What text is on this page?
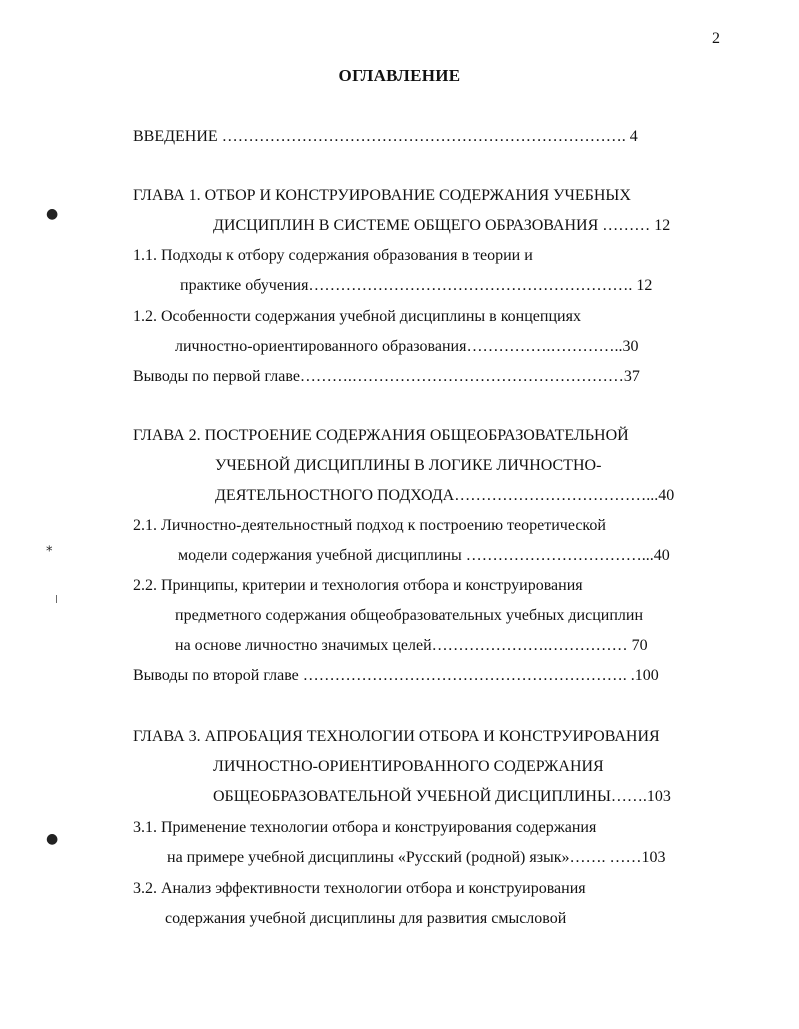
2
ОГЛАВЛЕНИЕ
ВВЕДЕНИЕ …………………………………………………………………. 4
ГЛАВА 1. ОТБОР И КОНСТРУИРОВАНИЕ СОДЕРЖАНИЯ УЧЕБНЫХ
ДИСЦИПЛИН В СИСТЕМЕ ОБЩЕГО ОБРАЗОВАНИЯ ……… 12
1.1. Подходы к отбору содержания образования в теории и
практике обучения……………………………………………………. 12
1.2. Особенности содержания учебной дисциплины в концепциях
личностно-ориентированного образования…………….…………..30
Выводы по первой главе……….……………………………………………37
ГЛАВА 2. ПОСТРОЕНИЕ СОДЕРЖАНИЯ ОБЩЕОБРАЗОВАТЕЛЬНОЙ
УЧЕБНОЙ ДИСЦИПЛИНЫ В ЛОГИКЕ ЛИЧНОСТНО-
ДЕЯТЕЛЬНОСТНОГО ПОДХОДА………………………………...40
2.1. Личностно-деятельностный подход к построению теоретической
модели содержания учебной дисциплины ……………………………...40
2.2. Принципы, критерии и технология отбора и конструирования
предметного содержания общеобразовательных учебных дисциплин
на основе личностно значимых целей………………….…………… 70
Выводы по второй главе ……………………………………………………. .100
ГЛАВА 3. АПРОБАЦИЯ ТЕХНОЛОГИИ ОТБОРА И КОНСТРУИРОВАНИЯ
ЛИЧНОСТНО-ОРИЕНТИРОВАННОГО СОДЕРЖАНИЯ
ОБЩЕОБРАЗОВАТЕЛЬНОЙ УЧЕБНОЙ ДИСЦИПЛИНЫ…….103
3.1. Применение технологии отбора и конструирования содержания
на примере учебной дисциплины «Русский (родной) язык»……. ……103
3.2. Анализ эффективности технологии отбора и конструирования
содержания учебной дисциплины для развития смысловой
●
⁎
|
●
